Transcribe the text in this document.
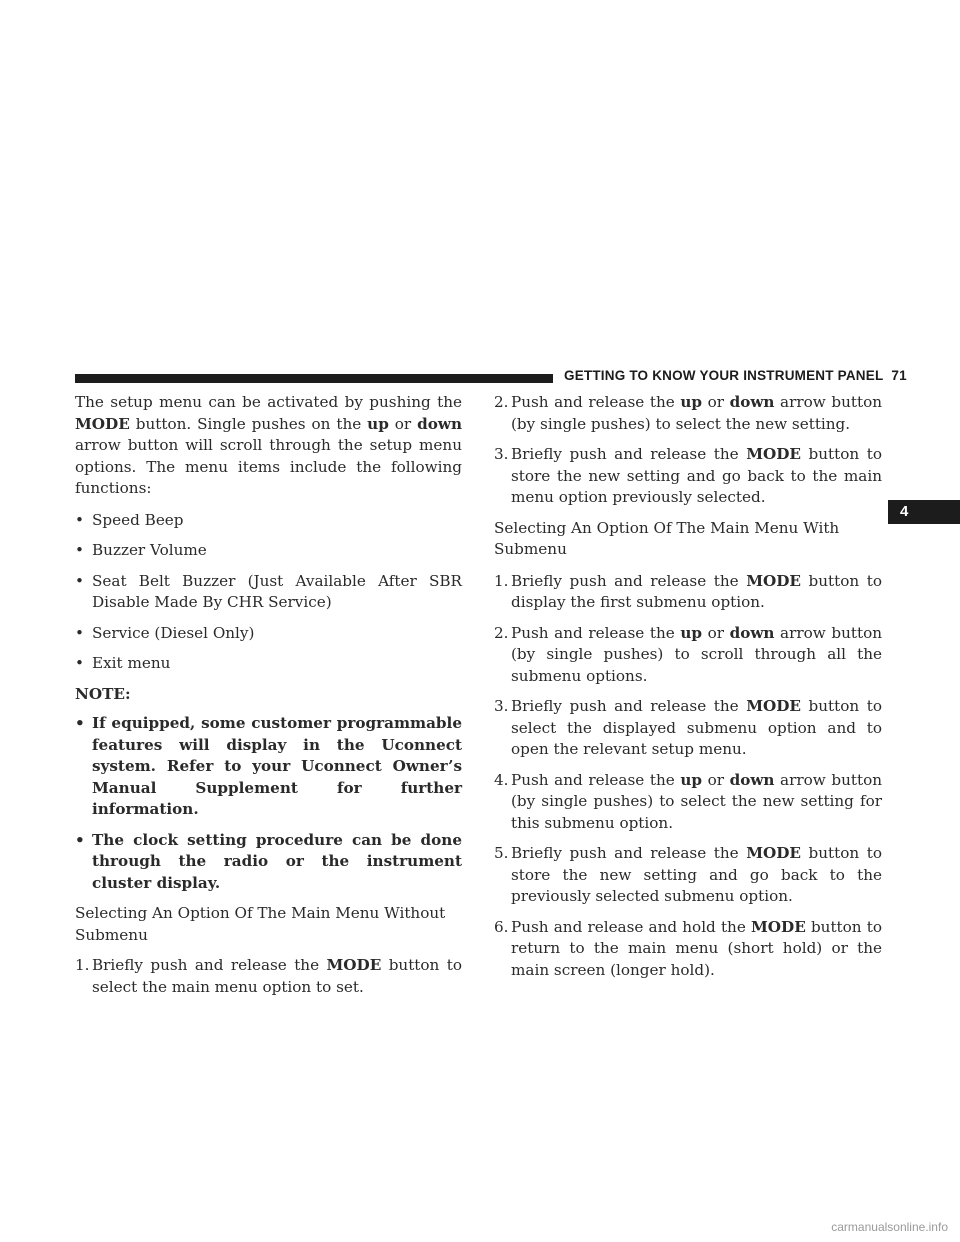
GETTING TO KNOW YOUR INSTRUMENT PANEL 71
4

The setup menu can be activated by pushing the MODE button. Single pushes on the up or down arrow button will scroll through the setup menu options. The menu items include the following functions:

• Speed Beep
• Buzzer Volume
• Seat Belt Buzzer (Just Available After SBR Disable Made By CHR Service)
• Service (Diesel Only)
• Exit menu

NOTE:

• If equipped, some customer programmable features will display in the Uconnect system. Refer to your Uconnect Owner’s Manual Supplement for further information.
• The clock setting procedure can be done through the radio or the instrument cluster display.

Selecting An Option Of The Main Menu Without Submenu

1. Briefly push and release the MODE button to select the main menu option to set.
2. Push and release the up or down arrow button (by single pushes) to select the new setting.
3. Briefly push and release the MODE button to store the new setting and go back to the main menu option previously selected.

Selecting An Option Of The Main Menu With Submenu

1. Briefly push and release the MODE button to display the first submenu option.
2. Push and release the up or down arrow button (by single pushes) to scroll through all the submenu options.
3. Briefly push and release the MODE button to select the displayed submenu option and to open the relevant setup menu.
4. Push and release the up or down arrow button (by single pushes) to select the new setting for this submenu option.
5. Briefly push and release the MODE button to store the new setting and go back to the previously selected submenu option.
6. Push and release and hold the MODE button to return to the main menu (short hold) or the main screen (longer hold).
carmanualsonline.info
